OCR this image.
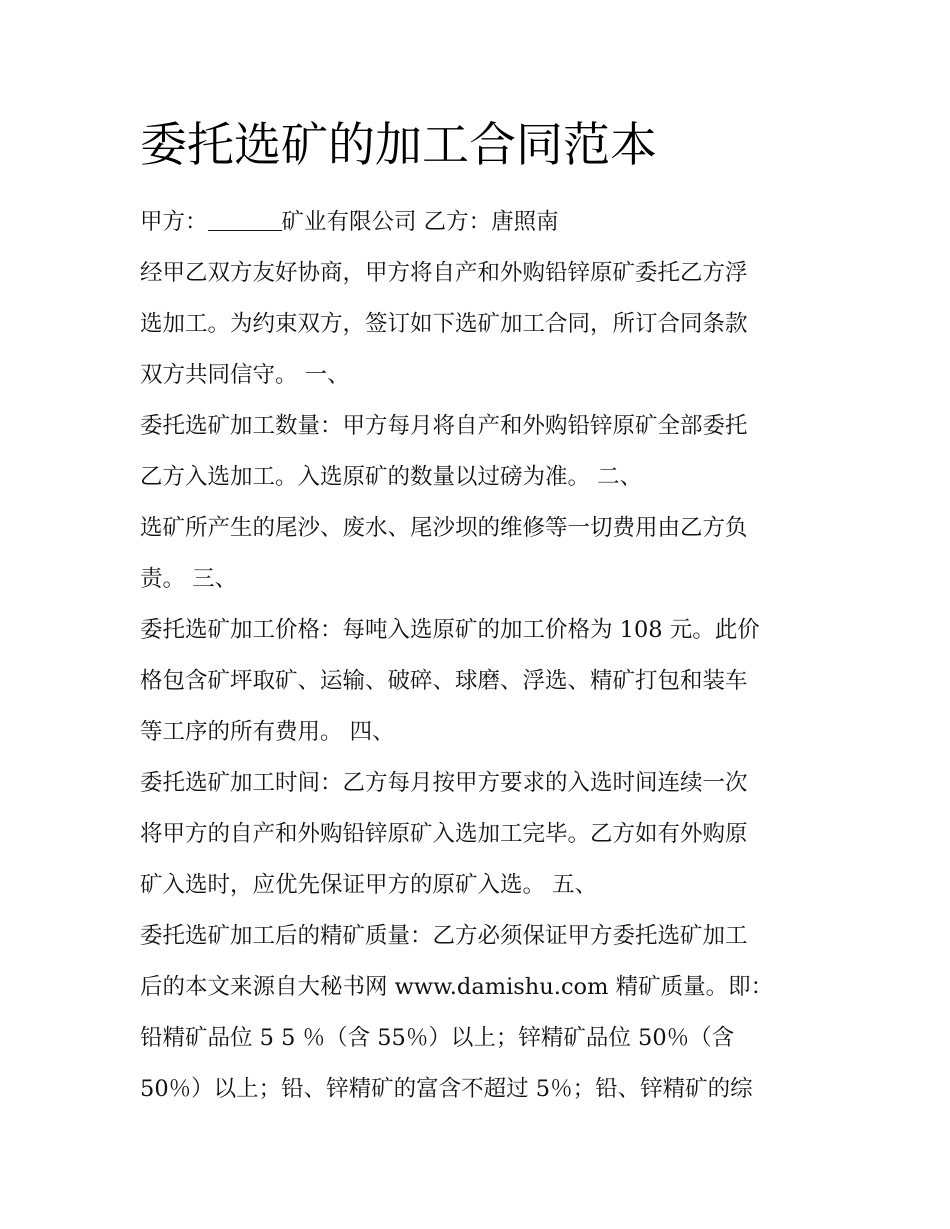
委托选矿的加工合同范本
甲方：	矿业有限公司 乙方：唐照南
经甲乙双方友好协商，甲方将自产和外购铅锌原矿委托乙方浮
选加工。为约束双方，签订如下选矿加工合同，所订合同条款
双方共同信守。 一、
委托选矿加工数量：甲方每月将自产和外购铅锌原矿全部委托
乙方入选加工。入选原矿的数量以过磅为准。 二、
选矿所产生的尾沙、废水、尾沙坝的维修等一切费用由乙方负
责。 三、
委托选矿加工价格：每吨入选原矿的加工价格为 108 元。此价
格包含矿坪取矿、运输、破碎、球磨、浮选、精矿打包和装车
等工序的所有费用。 四、
委托选矿加工时间：乙方每月按甲方要求的入选时间连续一次
将甲方的自产和外购铅锌原矿入选加工完毕。乙方如有外购原
矿入选时，应优先保证甲方的原矿入选。 五、
委托选矿加工后的精矿质量：乙方必须保证甲方委托选矿加工
后的本文来源自大秘书网 www.damishu.com 精矿质量。即：
铅精矿品位 5 5 ％（含 55％）以上；锌精矿品位 50％（含
50％）以上；铅、锌精矿的富含不超过 5％；铅、锌精矿的综
